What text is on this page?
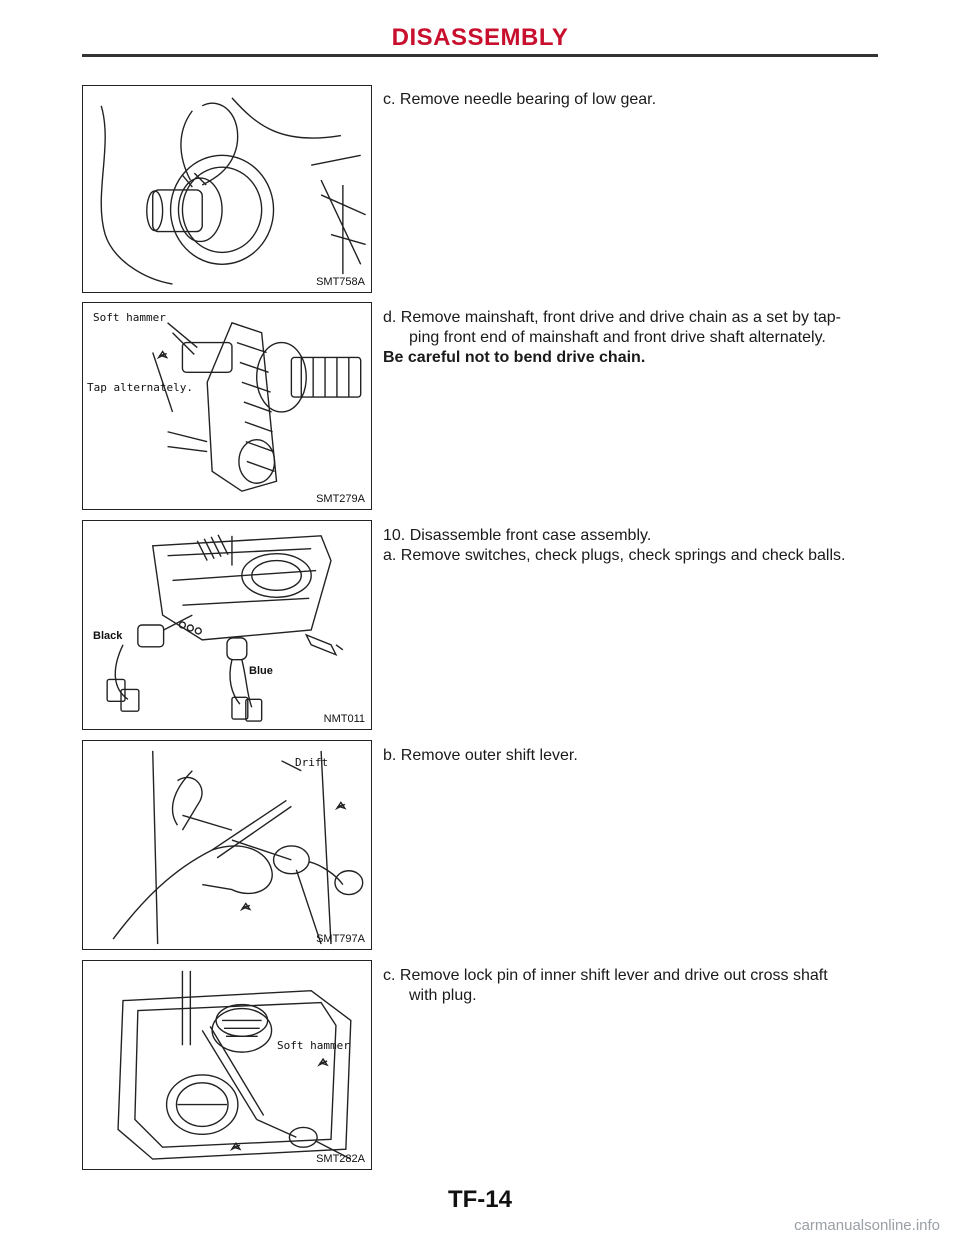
DISASSEMBLY
SMT758A
Soft hammer
Tap alternately.
SMT279A
Black
Blue
NMT011
Drift
SMT797A
Soft hammer
SMT282A
c. Remove needle bearing of low gear.
d. Remove mainshaft, front drive and drive chain as a set by tap-
ping front end of mainshaft and front drive shaft alternately.
Be careful not to bend drive chain.
10. Disassemble front case assembly.
a. Remove switches, check plugs, check springs and check balls.
b. Remove outer shift lever.
c. Remove lock pin of inner shift lever and drive out cross shaft
with plug.
TF-14
carmanualsonline.info
